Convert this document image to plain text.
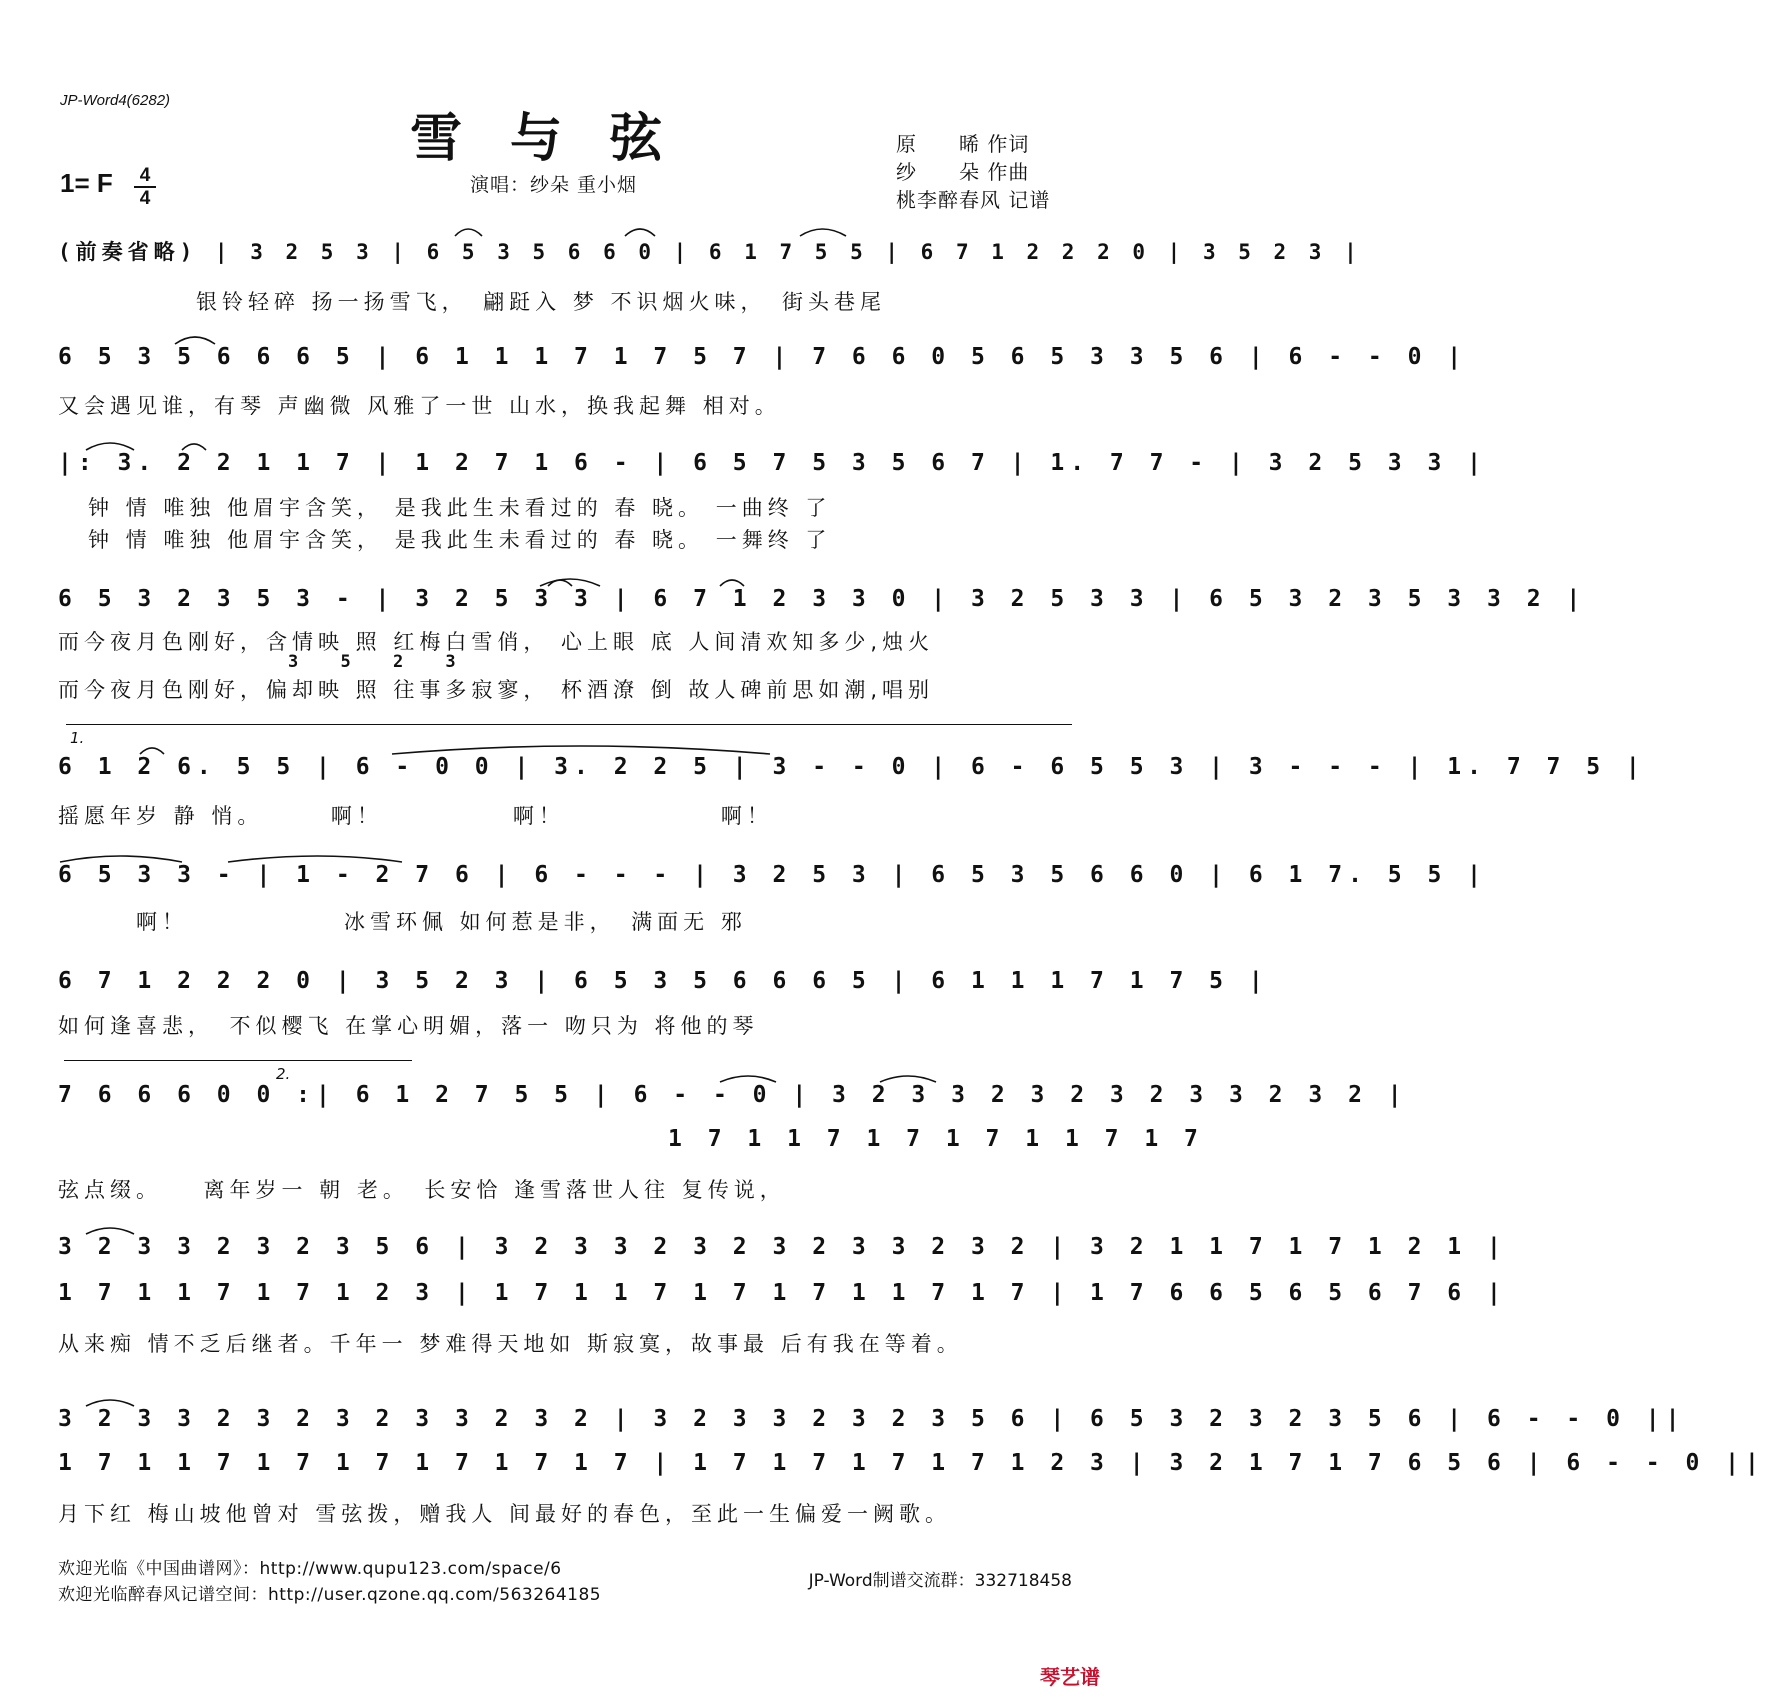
JP-Word4(6282)
雪与弦
1= F	4
4
演唱：纱朵 重小烟
原　　晞 作词
纱　　朵 作曲
桃李醉春风 记谱
(前奏省略) | 3 2 5 3 | 6 5 3 5 6 6 0 | 6 1 7 5 5 | 6 7 1 2 2 2 0 | 3 5 2 3 |
银铃轻碎 扬一扬雪飞，　翩跹入 梦 不识烟火味，　街头巷尾
6 5 3 5 6 6 6 5 | 6 1 1 1 7 1 7 5 7 | 7 6 6 0 5 6 5 3 3 5 6 | 6 - - 0 |
又会遇见谁，有琴 声幽微 风雅了一世 山水，换我起舞 相对。
|: 3. 2 2 1 1 7 | 1 2 7 1 6 - | 6 5 7 5 3 5 6 7 | 1. 7 7 - | 3 2 5 3 3 |
钟 情 唯独 他眉宇含笑， 是我此生未看过的 春 晓。 一曲终 了
钟 情 唯独 他眉宇含笑， 是我此生未看过的 春 晓。 一舞终 了
6 5 3 2 3 5 3 - | 3 2 5 3 3 | 6 7 1 2 3 3 0 | 3 2 5 3 3 | 6 5 3 2 3 5 3 3 2 |
而今夜月色刚好，含情映 照 红梅白雪俏， 心上眼 底 人间清欢知多少,烛火
3 5 2 3
而今夜月色刚好，偏却映 照 往事多寂寥， 杯酒潦 倒 故人碑前思如潮,唱别
1.
6 1 2 6. 5 5 | 6 - 0 0 | 3. 2 2 5 | 3 - - 0 | 6 - 6 5 5 3 | 3 - - - | 1. 7 7 5 |
摇愿年岁 静 悄。　　　啊！　　　　　啊！　　　　　　啊！
6 5 3 3 - | 1 - 2 7 6 | 6 - - - | 3 2 5 3 | 6 5 3 5 6 6 0 | 6 1 7. 5 5 |
　　　啊！　　　　　　冰雪环佩 如何惹是非，　满面无 邪
6 7 1 2 2 2 0 | 3 5 2 3 | 6 5 3 5 6 6 6 5 | 6 1 1 1 7 1 7 5 |
如何逢喜悲，　不似樱飞 在掌心明媚，落一 吻只为 将他的琴
2.
7 6 6 6 0 0 :| 6 1 2 7 5 5 | 6 - - 0 | 3 2 3 3 2 3 2 3 2 3 3 2 3 2 |
1 7 1 1 7 1 7 1 7 1 1 7 1 7
弦点缀。　　离年岁一 朝 老。　长安恰 逢雪落世人往 复传说，
3 2 3 3 2 3 2 3 5 6 | 3 2 3 3 2 3 2 3 2 3 3 2 3 2 | 3 2 1 1 7 1 7 1 2 1 |
1 7 1 1 7 1 7 1 2 3 | 1 7 1 1 7 1 7 1 7 1 1 7 1 7 | 1 7 6 6 5 6 5 6 7 6 |
从来痴 情不乏后继者。千年一 梦难得天地如 斯寂寞，故事最 后有我在等着。
3 2 3 3 2 3 2 3 2 3 3 2 3 2 | 3 2 3 3 2 3 2 3 5 6 | 6 5 3 2 3 2 3 5 6 | 6 - - 0 ||
1 7 1 1 7 1 7 1 7 1 7 1 7 1 7 | 1 7 1 7 1 7 1 7 1 2 3 | 3 2 1 7 1 7 6 5 6 | 6 - - 0 ||
月下红 梅山坡他曾对 雪弦拨，赠我人 间最好的春色，至此一生偏爱一阙歌。
欢迎光临《中国曲谱网》：http://www.qupu123.com/space/6
欢迎光临醉春风记谱空间：http://user.qzone.qq.com/563264185
JP-Word制谱交流群：332718458
琴艺谱
